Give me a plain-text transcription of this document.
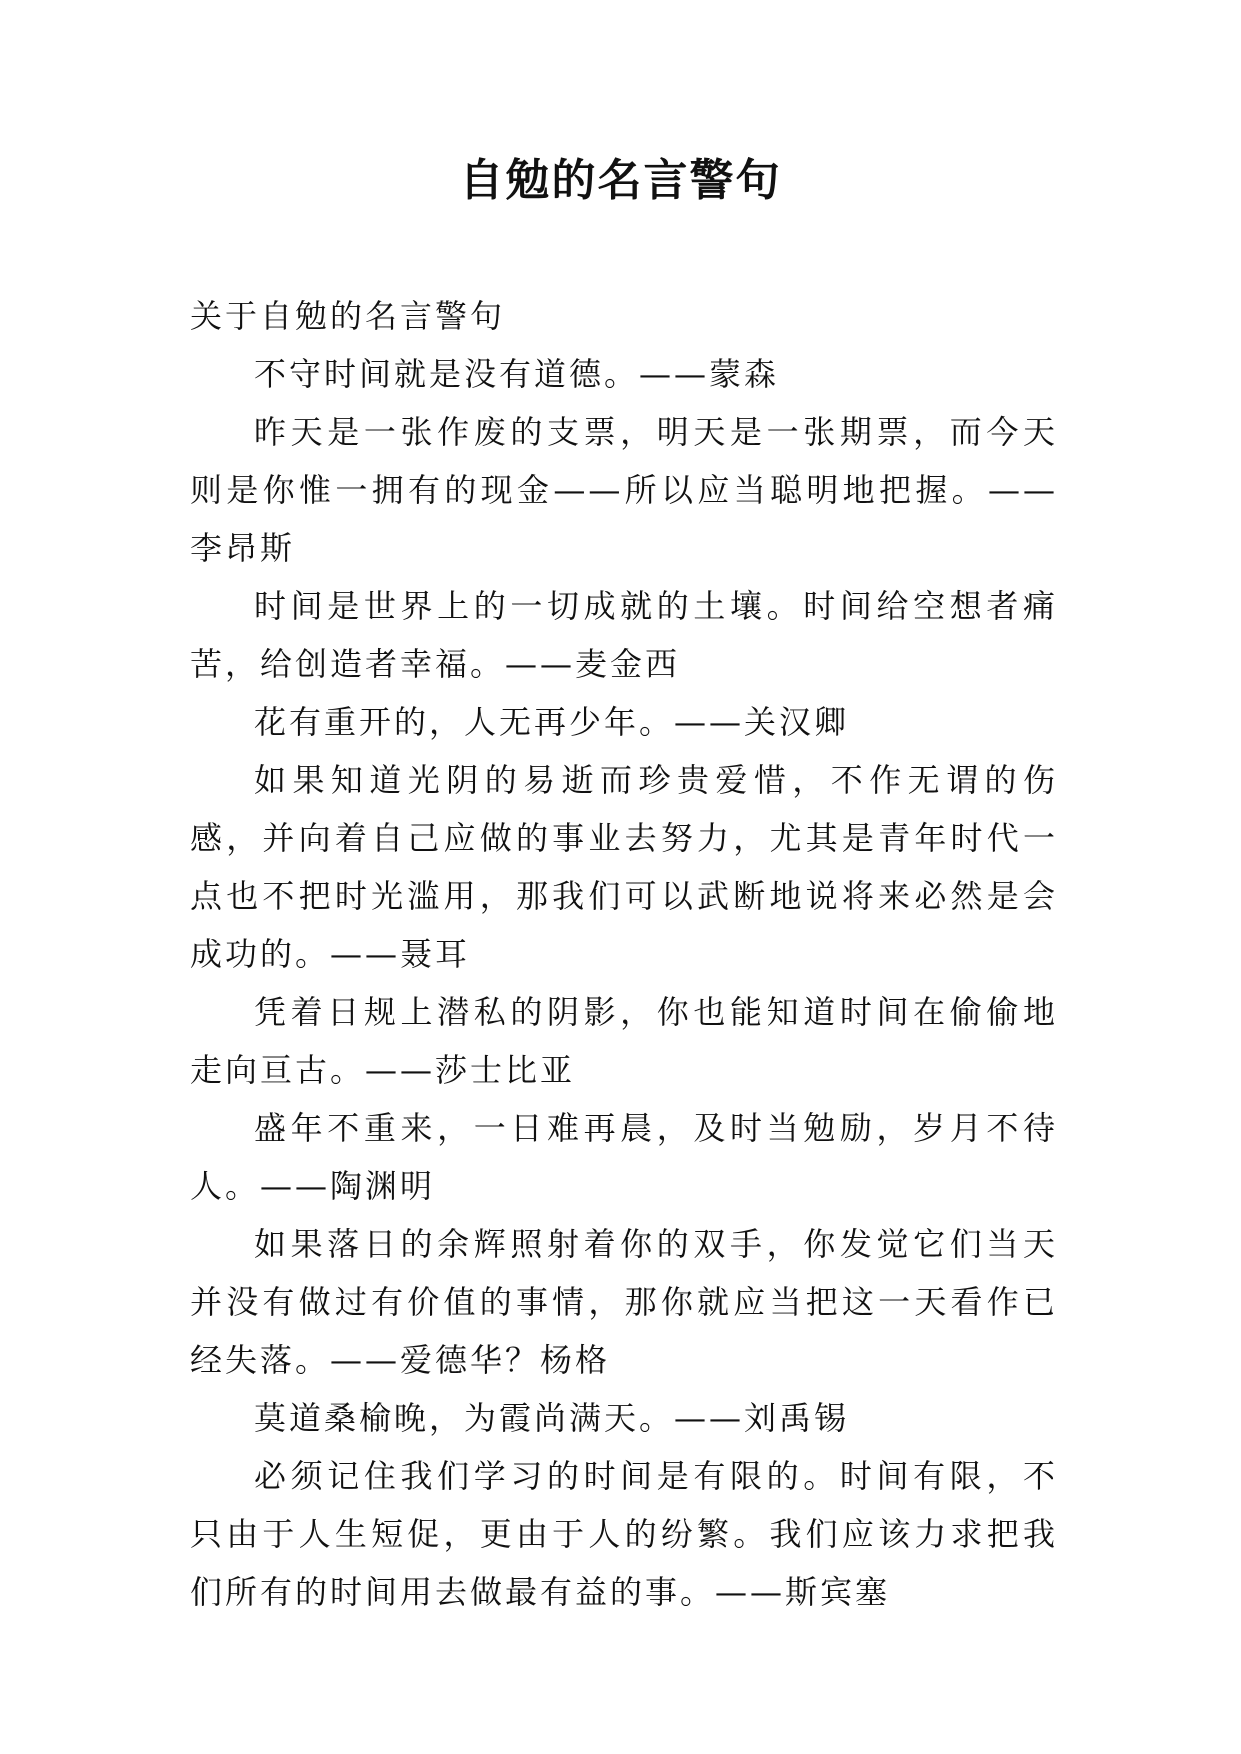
自勉的名言警句

关于自勉的名言警句

不守时间就是没有道德。——蒙森

昨天是一张作废的支票，明天是一张期票，而今天则是你惟一拥有的现金——所以应当聪明地把握。——李昂斯

时间是世界上的一切成就的土壤。时间给空想者痛苦，给创造者幸福。——麦金西

花有重开的，人无再少年。——关汉卿

如果知道光阴的易逝而珍贵爱惜，不作无谓的伤感，并向着自己应做的事业去努力，尤其是青年时代一点也不把时光滥用，那我们可以武断地说将来必然是会成功的。——聂耳

凭着日规上潜私的阴影，你也能知道时间在偷偷地走向亘古。——莎士比亚

盛年不重来，一日难再晨，及时当勉励，岁月不待人。——陶渊明

如果落日的余辉照射着你的双手，你发觉它们当天并没有做过有价值的事情，那你就应当把这一天看作已经失落。——爱德华？杨格

莫道桑榆晚，为霞尚满天。——刘禹锡

必须记住我们学习的时间是有限的。时间有限，不只由于人生短促，更由于人的纷繁。我们应该力求把我们所有的时间用去做最有益的事。——斯宾塞
